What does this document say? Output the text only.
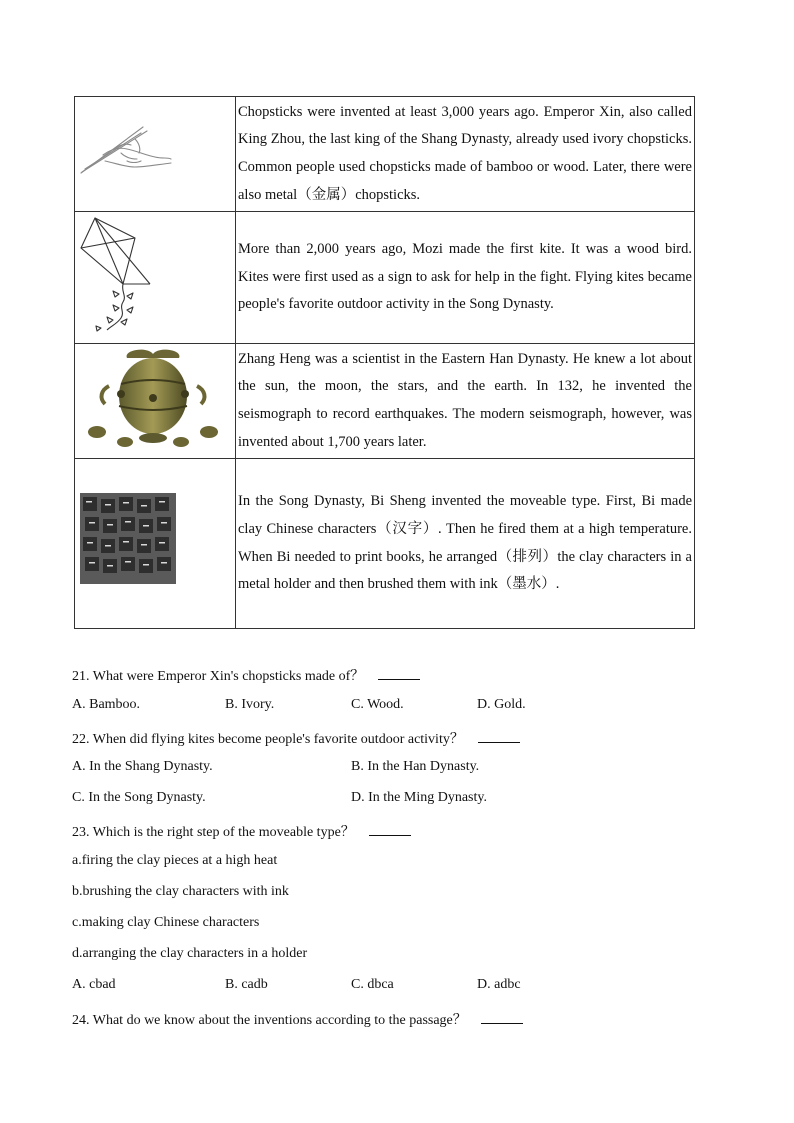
	Chopsticks were invented at least 3,000 years ago. Emperor Xin, also called King Zhou, the last king of the Shang Dynasty, already used ivory chopsticks. Common people used chopsticks made of bamboo or wood. Later, there were also metal（金属）chopsticks.

	More than 2,000 years ago, Mozi made the first kite. It was a wood bird. Kites were first used as a sign to ask for help in the fight. Flying kites became people's favorite outdoor activity in the Song Dynasty.

	Zhang Heng was a scientist in the Eastern Han Dynasty. He knew a lot about the sun, the moon, the stars, and the earth. In 132, he invented the seismograph to record earthquakes. The modern seismograph, however, was invented about 1,700 years later.

	In the Song Dynasty, Bi Sheng invented the moveable type. First, Bi made clay Chinese characters（汉字）. Then he fired them at a high temperature. When Bi needed to print books, he arranged（排列）the clay characters in a metal holder and then brushed them with ink（墨水）.
21. What were Emperor Xin's chopsticks made of？
A. Bamboo.	B. Ivory.	C. Wood.	D. Gold.
22. When did flying kites become people's favorite outdoor activity？
A. In the Shang Dynasty.	B. In the Han Dynasty.
C. In the Song Dynasty.	D. In the Ming Dynasty.
23. Which is the right step of the moveable type？
a.firing the clay pieces at a high heat
b.brushing the clay characters with ink
c.making clay Chinese characters
d.arranging the clay characters in a holder
A. cbad	B. cadb	C. dbca	D. adbc
24. What do we know about the inventions according to the passage？
